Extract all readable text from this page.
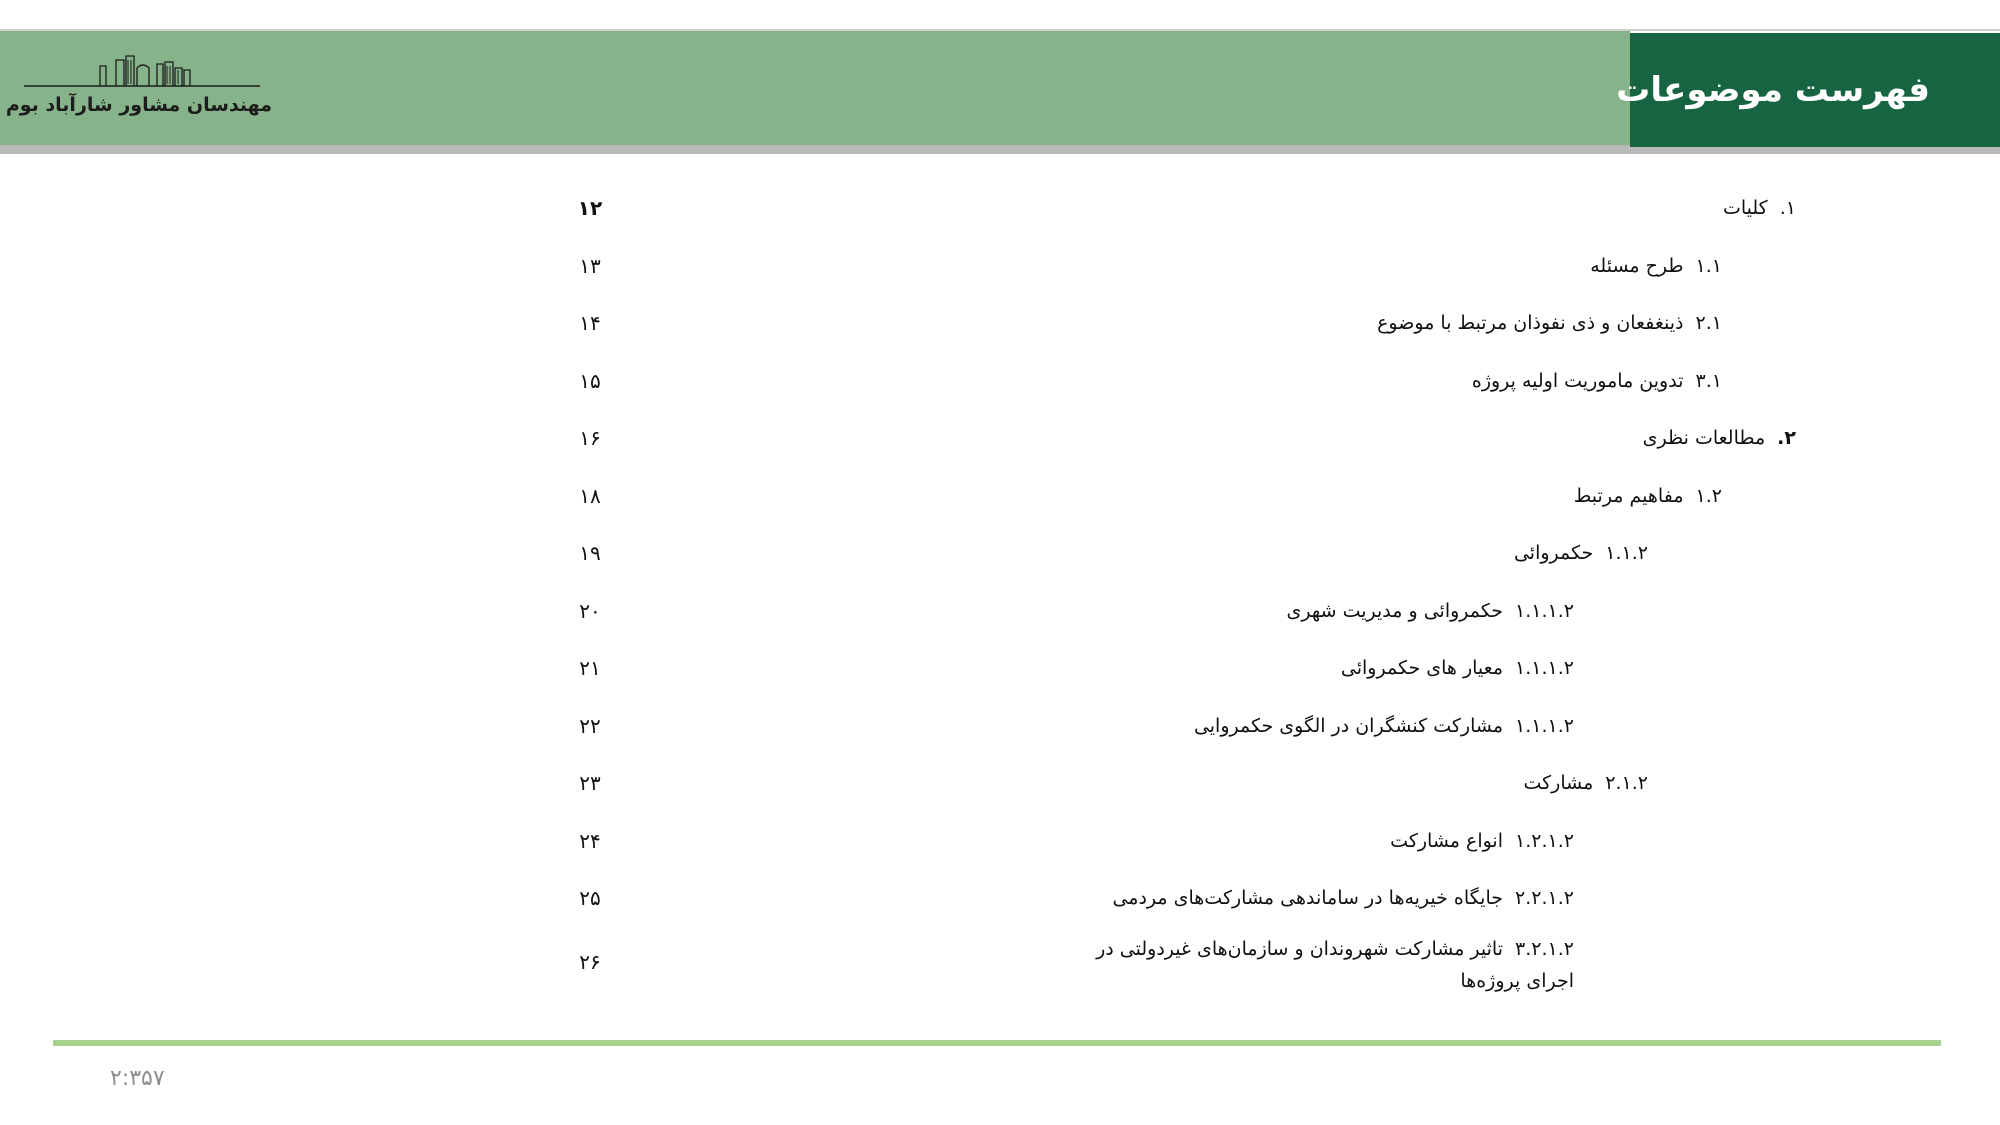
فهرست موضوعات
مهندسان مشاور شارآباد بوم
۱. کلیات
۱۲
۱.۱ طرح مسئله
۱۳
۲.۱ ذینغفعان و ذی نفوذان مرتبط با موضوع
۱۴
۳.۱ تدوین ماموریت اولیه پروژه
۱۵
۲. مطالعات نظری
۱۶
۱.۲ مفاهیم مرتبط
۱۸
۱.۱.۲ حکمروائی
۱۹
۱.۱.۱.۲ حکمروائی و مدیریت شهری
۲۰
۱.۱.۱.۲ معیار های حکمروائی
۲۱
۱.۱.۱.۲ مشارکت کنشگران در الگوی حکمروایی
۲۲
۲.۱.۲ مشارکت
۲۳
۱.۲.۱.۲ انواع مشارکت
۲۴
۲.۲.۱.۲ جایگاه خیریه‌ها در ساماندهی مشارکت‌های مردمی
۲۵
۳.۲.۱.۲ تاثیر مشارکت شهروندان و سازمان‌های غیردولتی در اجرای پروژه‌ها
۲۶
۲:۳۵۷
